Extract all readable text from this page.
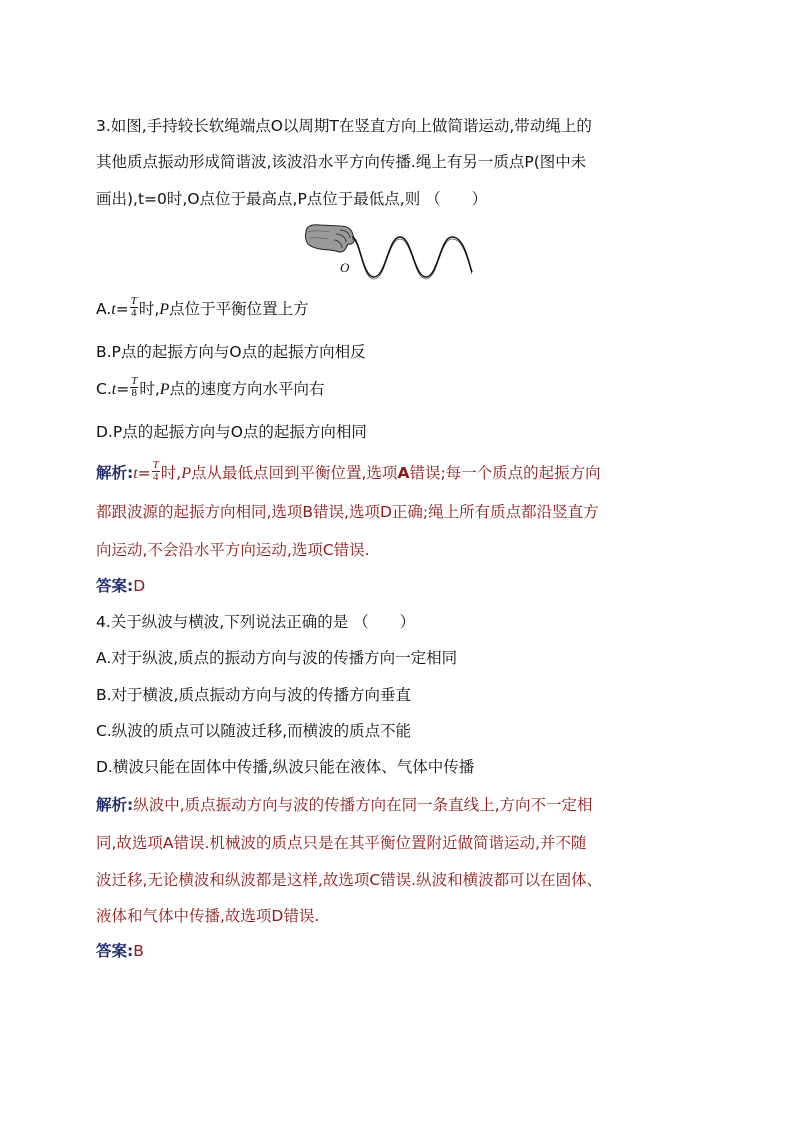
3.如图,手持较长软绳端点O以周期T在竖直方向上做简谐运动,带动绳上的
其他质点振动形成简谐波,该波沿水平方向传播.绳上有另一质点P(图中未
画出),t=0时,O点位于最高点,P点位于最低点,则 （　　）
O
$A.t= \frac{T}{4}$ 时,P点位于平衡位置上方
B.P点的起振方向与O点的起振方向相反
$C.t= \frac{T}{8}$ 时,P点的速度方向水平向右
D.P点的起振方向与O点的起振方向相同
解析:t= $\frac{T}{4}$ 时,P点从最低点回到平衡位置,选项A错误;每一个质点的起振方向
都跟波源的起振方向相同,选项B错误,选项D正确;绳上所有质点都沿竖直方
向运动,不会沿水平方向运动,选项C错误.
答案:D
4.关于纵波与横波,下列说法正确的是 （　　）
A.对于纵波,质点的振动方向与波的传播方向一定相同
B.对于横波,质点振动方向与波的传播方向垂直
C.纵波的质点可以随波迁移,而横波的质点不能
D.横波只能在固体中传播,纵波只能在液体、气体中传播
解析:纵波中,质点振动方向与波的传播方向在同一条直线上,方向不一定相
同,故选项A错误.机械波的质点只是在其平衡位置附近做简谐运动,并不随
波迁移,无论横波和纵波都是这样,故选项C错误.纵波和横波都可以在固体、
液体和气体中传播,故选项D错误.
答案:B
